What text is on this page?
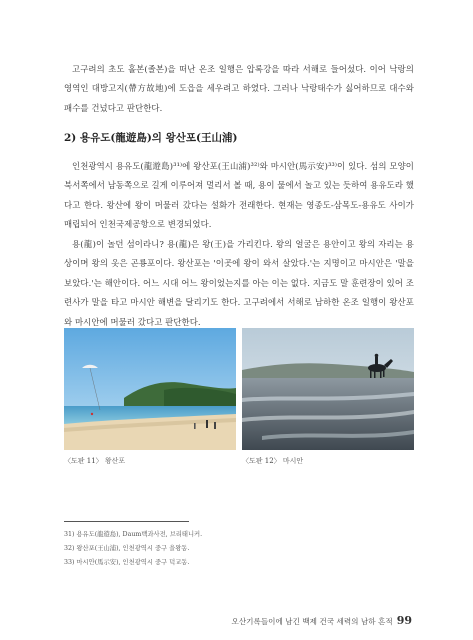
고구려의 초도 홀본(졸본)을 떠난 온조 일행은 압록강을 따라 서해로 들어섰다. 이어 낙랑의 영역인 대방고지(帶方故地)에 도읍을 세우려고 하였다. 그러나 낙랑태수가 싫어하므로 대수와 패수를 건넜다고 판단한다.

2) 용유도(龍遊島)의 왕산포(王山浦)

인천광역시 용유도(龍遊島)³¹⁾에 왕산포(王山浦)³²⁾와 마시안(馬示安)³³⁾이 있다. 섬의 모양이 북서쪽에서 남동쪽으로 길게 이루어져 멀리서 볼 때, 용이 물에서 놀고 있는 듯하여 용유도라 했다고 한다. 왕산에 왕이 머물러 갔다는 설화가 전래한다. 현재는 영종도-삼목도-용유도 사이가 매립되어 인천국제공항으로 변경되었다.

용(龍)이 놀던 섬이라니? 용(龍)은 왕(王)을 가리킨다. 왕의 얼굴은 용안이고 왕의 자리는 용상이며 왕의 옷은 곤룡포이다. 왕산포는 '이곳에 왕이 와서 살았다.'는 지명이고 마시안은 '말을 보았다.'는 해안이다. 어느 시대 어느 왕이었는지를 아는 이는 없다. 지금도 말 훈련장이 있어 조련사가 말을 타고 마시안 해변을 달리기도 한다. 고구려에서 서해로 남하한 온조 일행이 왕산포와 마시안에 머물러 갔다고 판단한다.

〈도판 11〉 왕산포	〈도판 12〉 마시안
31) 용유도(龍遊島), Daum백과사전, 브리태니커.
32) 왕산포(王山浦), 인천광역시 중구 을왕동.
33) 마시안(馬示安), 인천광역시 중구 덕교동.
오산기록들이에 남긴 백제 건국 세력의 남하 흔적 99
